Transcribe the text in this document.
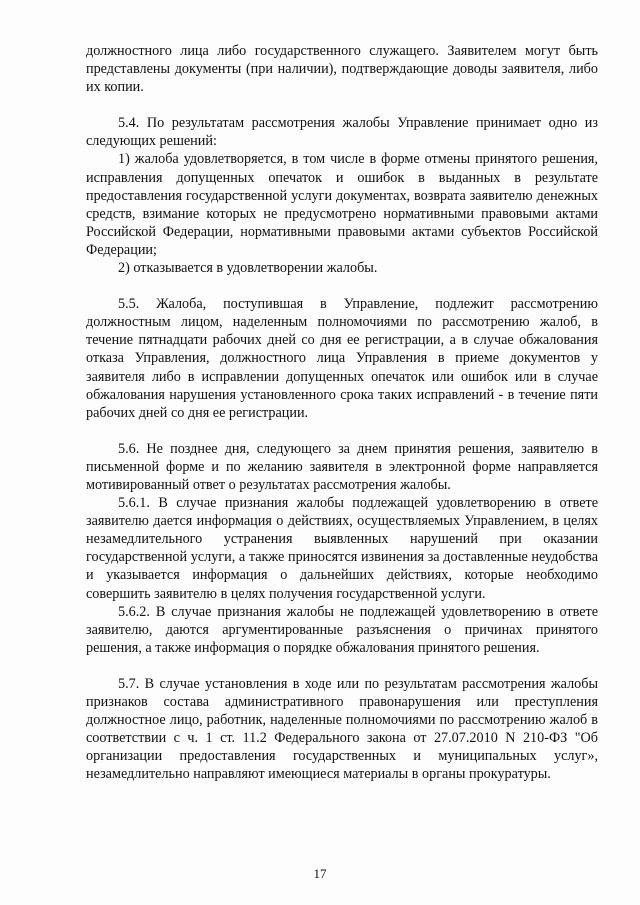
должностного лица либо государственного служащего. Заявителем могут быть представлены документы (при наличии), подтверждающие доводы заявителя, либо их копии.

5.4. По результатам рассмотрения жалобы Управление принимает одно из следующих решений:

1) жалоба удовлетворяется, в том числе в форме отмены принятого решения, исправления допущенных опечаток и ошибок в выданных в результате предоставления государственной услуги документах, возврата заявителю денежных средств, взимание которых не предусмотрено нормативными правовыми актами Российской Федерации, нормативными правовыми актами субъектов Российской Федерации;

2) отказывается в удовлетворении жалобы.

5.5. Жалоба, поступившая в Управление, подлежит рассмотрению должностным лицом, наделенным полномочиями по рассмотрению жалоб, в течение пятнадцати рабочих дней со дня ее регистрации, а в случае обжалования отказа Управления, должностного лица Управления в приеме документов у заявителя либо в исправлении допущенных опечаток или ошибок или в случае обжалования нарушения установленного срока таких исправлений - в течение пяти рабочих дней со дня ее регистрации.

5.6. Не позднее дня, следующего за днем принятия решения, заявителю в письменной форме и по желанию заявителя в электронной форме направляется мотивированный ответ о результатах рассмотрения жалобы.

5.6.1. В случае признания жалобы подлежащей удовлетворению в ответе заявителю дается информация о действиях, осуществляемых Управлением, в целях незамедлительного устранения выявленных нарушений при оказании государственной услуги, а также приносятся извинения за доставленные неудобства и указывается информация о дальнейших действиях, которые необходимо совершить заявителю в целях получения государственной услуги.

5.6.2. В случае признания жалобы не подлежащей удовлетворению в ответе заявителю, даются аргументированные разъяснения о причинах принятого решения, а также информация о порядке обжалования принятого решения.

5.7. В случае установления в ходе или по результатам рассмотрения жалобы признаков состава административного правонарушения или преступления должностное лицо, работник, наделенные полномочиями по рассмотрению жалоб в соответствии с ч. 1 ст. 11.2 Федерального закона от 27.07.2010 N 210-ФЗ "Об организации предоставления государственных и муниципальных услуг», незамедлительно направляют имеющиеся материалы в органы прокуратуры.

17
